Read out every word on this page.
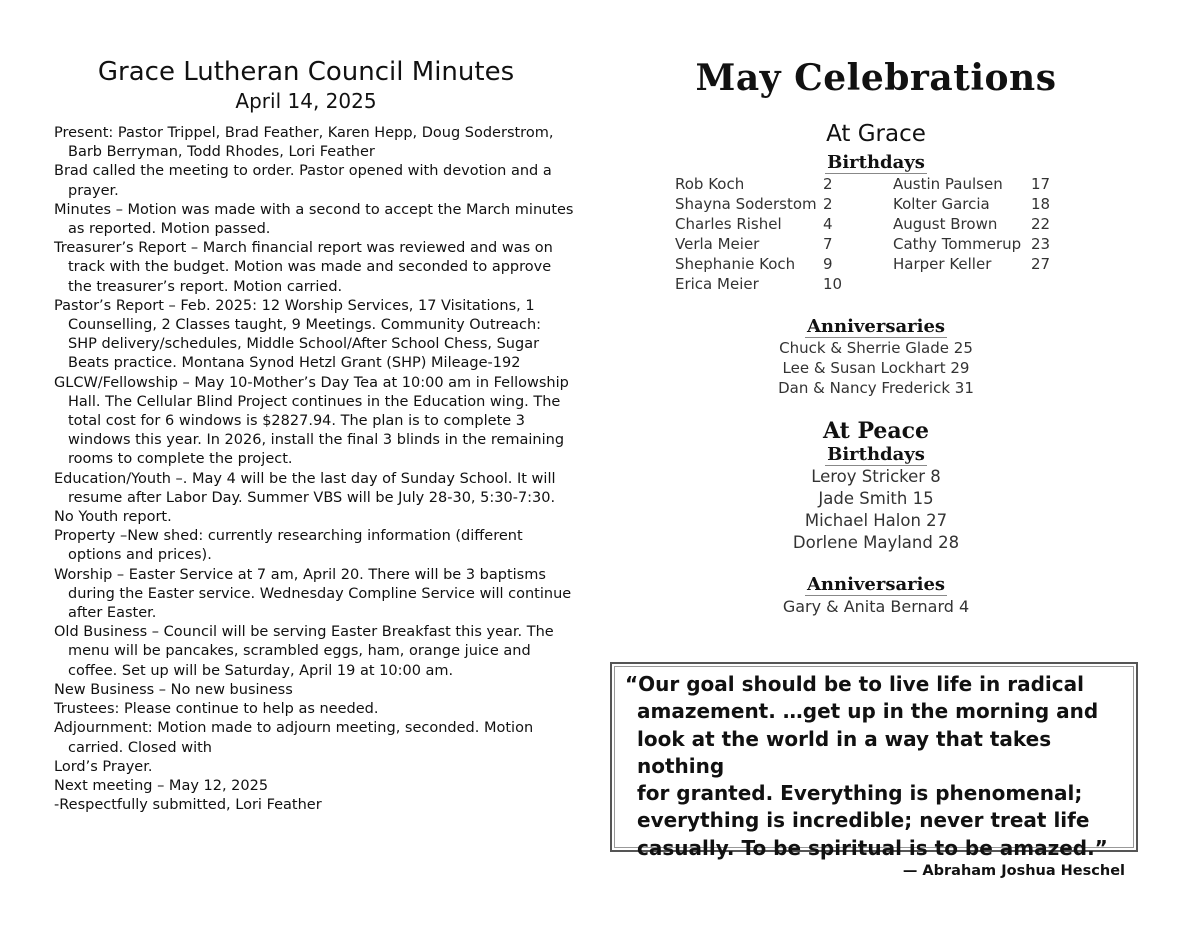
Grace Lutheran Council Minutes
April 14, 2025

Present: Pastor Trippel, Brad Feather, Karen Hepp, Doug Soderstrom, Barb Berryman, Todd Rhodes, Lori Feather

Brad called the meeting to order. Pastor opened with devotion and a prayer.

Minutes – Motion was made with a second to accept the March minutes as reported. Motion passed.

Treasurer’s Report – March financial report was reviewed and was on track with the budget. Motion was made and seconded to approve the treasurer’s report. Motion carried.

Pastor’s Report – Feb. 2025: 12 Worship Services, 17 Visitations, 1 Counselling, 2 Classes taught, 9 Meetings. Community Outreach: SHP delivery/schedules, Middle School/After School Chess, Sugar Beats practice. Montana Synod Hetzl Grant (SHP) Mileage-192

GLCW/Fellowship – May 10-Mother’s Day Tea at 10:00 am in Fellowship Hall. The Cellular Blind Project continues in the Education wing. The total cost for 6 windows is $2827.94. The plan is to complete 3 windows this year. In 2026, install the final 3 blinds in the remaining rooms to complete the project.

Education/Youth –. May 4 will be the last day of Sunday School. It will resume after Labor Day. Summer VBS will be July 28-30, 5:30-7:30.

No Youth report.

Property –New shed: currently researching information (different options and prices).

Worship – Easter Service at 7 am, April 20. There will be 3 baptisms during the Easter service. Wednesday Compline Service will continue after Easter.

Old Business – Council will be serving Easter Breakfast this year. The menu will be pancakes, scrambled eggs, ham, orange juice and coffee. Set up will be Saturday, April 19 at 10:00 am.

New Business – No new business

Trustees: Please continue to help as needed.

Adjournment: Motion made to adjourn meeting, seconded. Motion carried. Closed with

Lord’s Prayer.

Next meeting – May 12, 2025

-Respectfully submitted, Lori Feather

May Celebrations
At Grace
Birthdays
Rob Koch	2	Austin Paulsen	17
Shayna Soderstom 2	Kolter Garcia	18
Charles Rishel	4	August Brown	22
Verla Meier	7	Cathy Tommerup 23
Shephanie Koch	9	Harper Keller	27
Erica Meier	10
Anniversaries
Chuck & Sherrie Glade 25
Lee & Susan Lockhart 29
Dan & Nancy Frederick 31
At Peace
Birthdays
Leroy Stricker 8
Jade Smith 15
Michael Halon 27
Dorlene Mayland 28
Anniversaries
Gary & Anita Bernard 4

“Our goal should be to live life in radical

amazement. …get up in the morning and

look at the world in a way that takes nothing

for granted. Everything is phenomenal;

everything is incredible; never treat life

casually. To be spiritual is to be amazed.”

— Abraham Joshua Heschel
